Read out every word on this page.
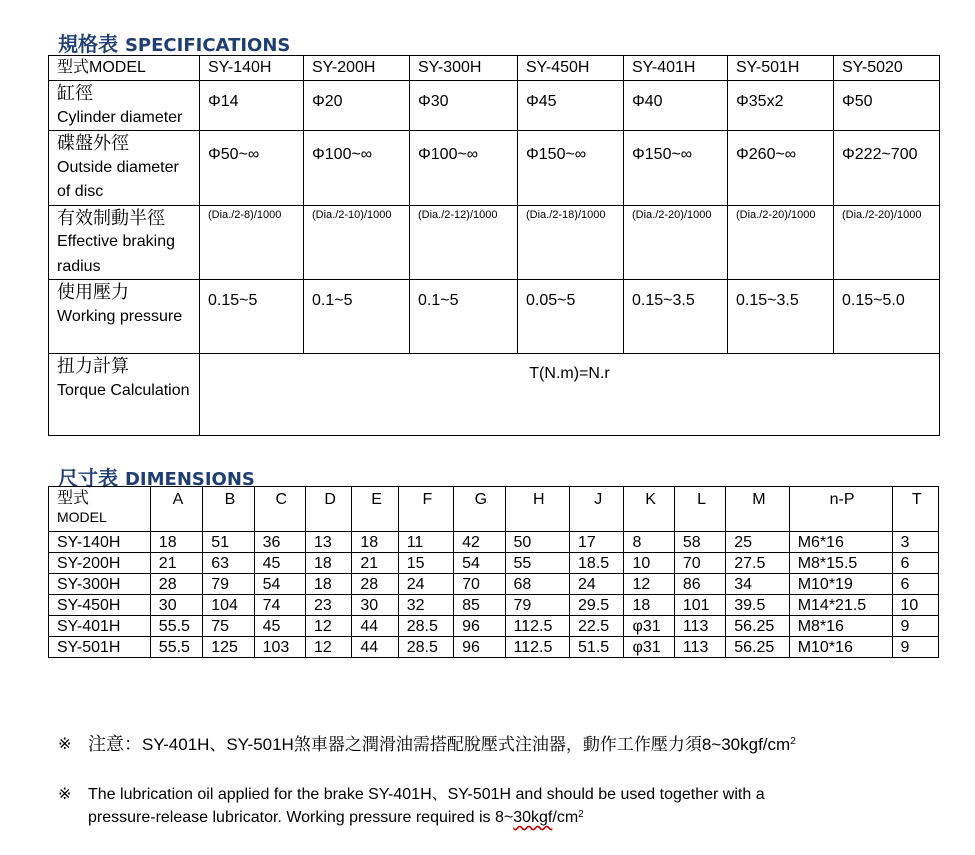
規格表 SPECIFICATIONS
型式MODEL	SY-140H	SY-200H	SY-300H	SY-450H	SY-401H	SY-501H	SY-5020

缸徑
Cylinder diameter	Φ14	Φ20	Φ30	Φ45	Φ40	Φ35x2	Φ50

碟盤外徑
Outside diameter of disc	Φ50~∞	Φ100~∞	Φ100~∞	Φ150~∞	Φ150~∞	Φ260~∞	Φ222~700

有效制動半徑
Effective braking radius	(Dia./2-8)/1000	(Dia./2-10)/1000	(Dia./2-12)/1000	(Dia./2-18)/1000	(Dia./2-20)/1000	(Dia./2-20)/1000	(Dia./2-20)/1000

使用壓力
Working pressure	0.15~5	0.1~5	0.1~5	0.05~5	0.15~3.5	0.15~3.5	0.15~5.0

扭力計算
Torque Calculation	T(N.m)=N.r						
尺寸表 DIMENSIONS
型式
MODEL	A	B	C	D	E	F	G	H	J	K	L	M	n-P	T
SY-140H	18	51	36	13	18	11	42	50	17	8	58	25	M6*16	3
SY-200H	21	63	45	18	21	15	54	55	18.5	10	70	27.5	M8*15.5	6
SY-300H	28	79	54	18	28	24	70	68	24	12	86	34	M10*19	6
SY-450H	30	104	74	23	30	32	85	79	29.5	18	101	39.5	M14*21.5	10
SY-401H	55.5	75	45	12	44	28.5	96	112.5	22.5	φ31	113	56.25	M8*16	9
SY-501H	55.5	125	103	12	44	28.5	96	112.5	51.5	φ31	113	56.25	M10*16	9
※ 注意：SY-401H、SY-501H煞車器之潤滑油需搭配脫壓式注油器，動作工作壓力須$8\sim 30kgf/cm^2$
※ The lubrication oil applied for the brake SY-401H、SY-501H and should be used together with a
pressure-release lubricator. Working pressure required is $8\sim 30kgf/cm^2$
